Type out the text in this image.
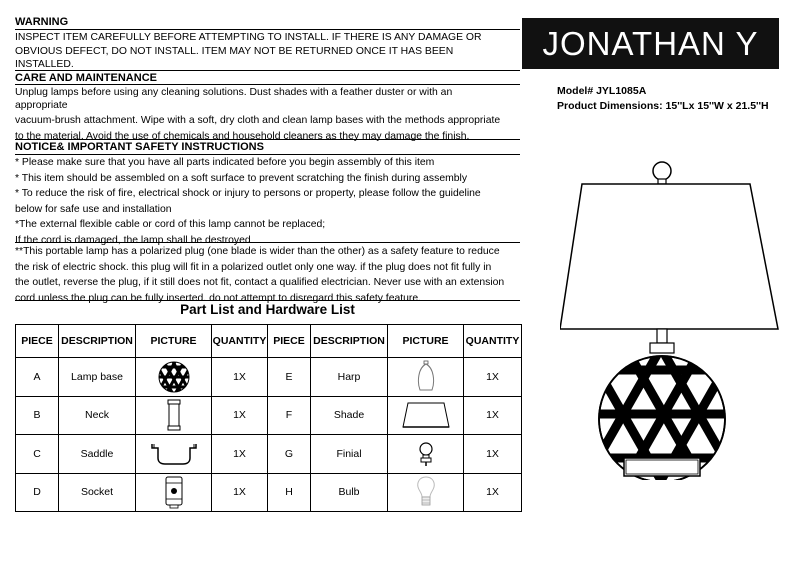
WARNING
INSPECT ITEM CAREFULLY BEFORE ATTEMPTING TO INSTALL. IF THERE IS ANY DAMAGE OR
OBVIOUS DEFECT, DO NOT INSTALL. ITEM MAY NOT BE RETURNED ONCE IT HAS BEEN
INSTALLED.
CARE AND MAINTENANCE
Unplug lamps before using any cleaning solutions. Dust shades with a feather duster or with an
appropriate
vacuum-brush attachment. Wipe with a soft, dry cloth and clean lamp bases with the methods appropriate
to the material. Avoid the use of chemicals and household cleaners as they may damage the finish.
NOTICE& IMPORTANT SAFETY INSTRUCTIONS
* Please make sure that you have all parts indicated before you begin assembly of this item
* This item should be assembled on a soft surface to prevent scratching the finish during assembly
* To reduce the risk of fire, electrical shock or injury to persons or property, please follow the guideline
below for safe use and installation
*The external flexible cable or cord of this lamp cannot be replaced;
If the cord is damaged, the lamp shall be destroyed
**This portable lamp has a polarized plug (one blade is wider than the other) as a safety feature to reduce
the risk of electric shock. this plug will fit in a polarized outlet only one way. if the plug does not fit fully in
the outlet, reverse the plug, if it still does not fit, contact a qualified electrician. Never use with an extension
cord unless the plug can be fully inserted. do not attempt to disregard this safety feature.
JONATHAN Y
Model# JYL1085A
Product Dimensions: 15''Lx 15''W x 21.5''H
Part List and Hardware List
PIECE	DESCRIPTION	PICTURE	QUANTITY	PIECE	DESCRIPTION	PICTURE	QUANTITY
A	Lamp base		1X	E	Harp		1X
B	Neck		1X	F	Shade		1X
C	Saddle		1X	G	Finial		1X
D	Socket		1X	H	Bulb		1X
